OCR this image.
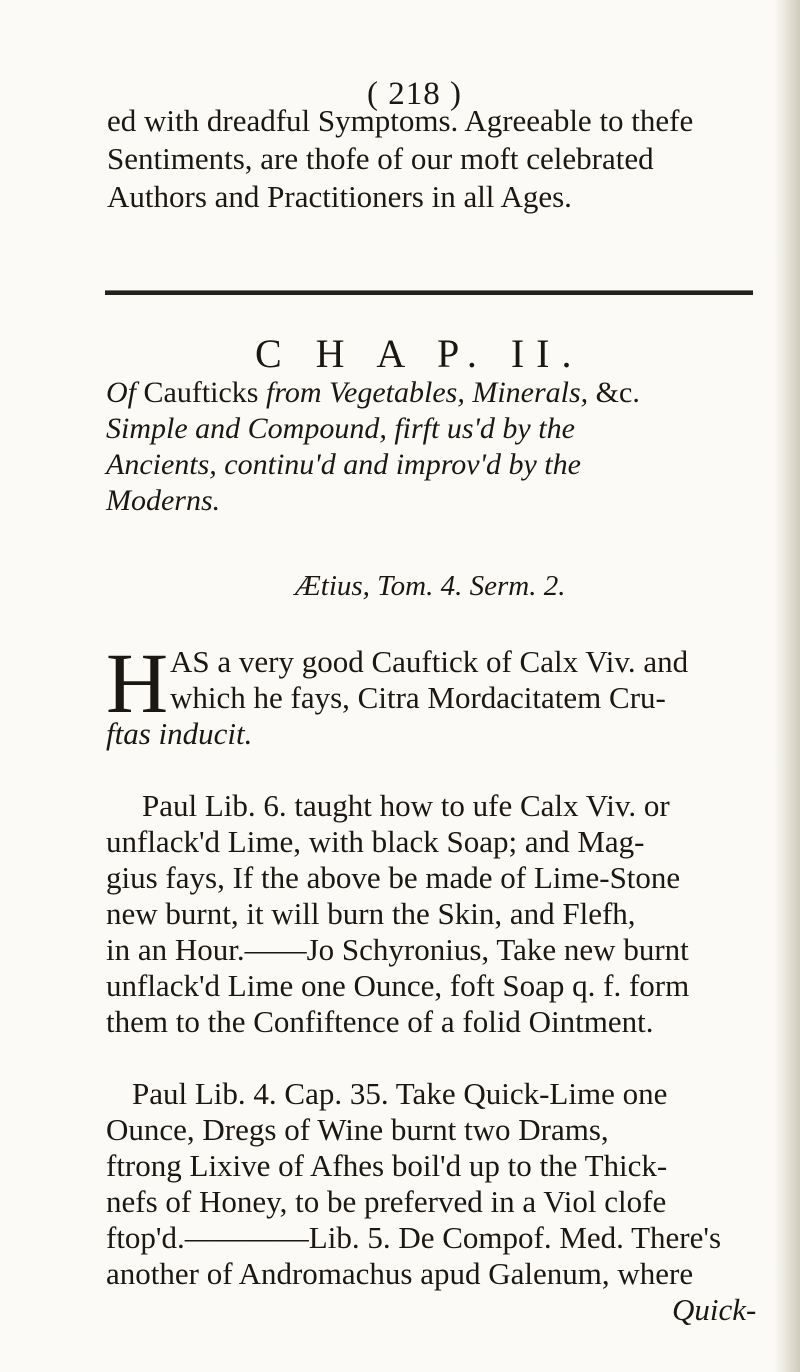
( 218 )
ed with dreadful Symptoms. Agreeable to thefe
Sentiments, are thofe of our moft celebrated
Authors and Practitioners in all Ages.
C H A P. II.
Of Caufticks from Vegetables, Minerals, &c.
Simple and Compound, firft us'd by the
Ancients, continu'd and improv'd by the
Moderns.
Ætius, Tom. 4. Serm. 2.
H AS a very good Cauftick of Calx Viv. and
which he fays, Citra Mordacitatem Cru-
ftas inducit.
Paul Lib. 6. taught how to ufe Calx Viv. or
unflack'd Lime, with black Soap; and Mag-
gius fays, If the above be made of Lime-Stone
new burnt, it will burn the Skin, and Flefh,
in an Hour.——Jo Schyronius, Take new burnt
unflack'd Lime one Ounce, foft Soap q. f. form
them to the Confiftence of a folid Ointment.
Paul Lib. 4. Cap. 35. Take Quick-Lime one
Ounce, Dregs of Wine burnt two Drams,
ftrong Lixive of Afhes boil'd up to the Thick-
nefs of Honey, to be preferved in a Viol clofe
ftop'd.————Lib. 5. De Compof. Med. There's
another of Andromachus apud Galenum, where
Quick-
